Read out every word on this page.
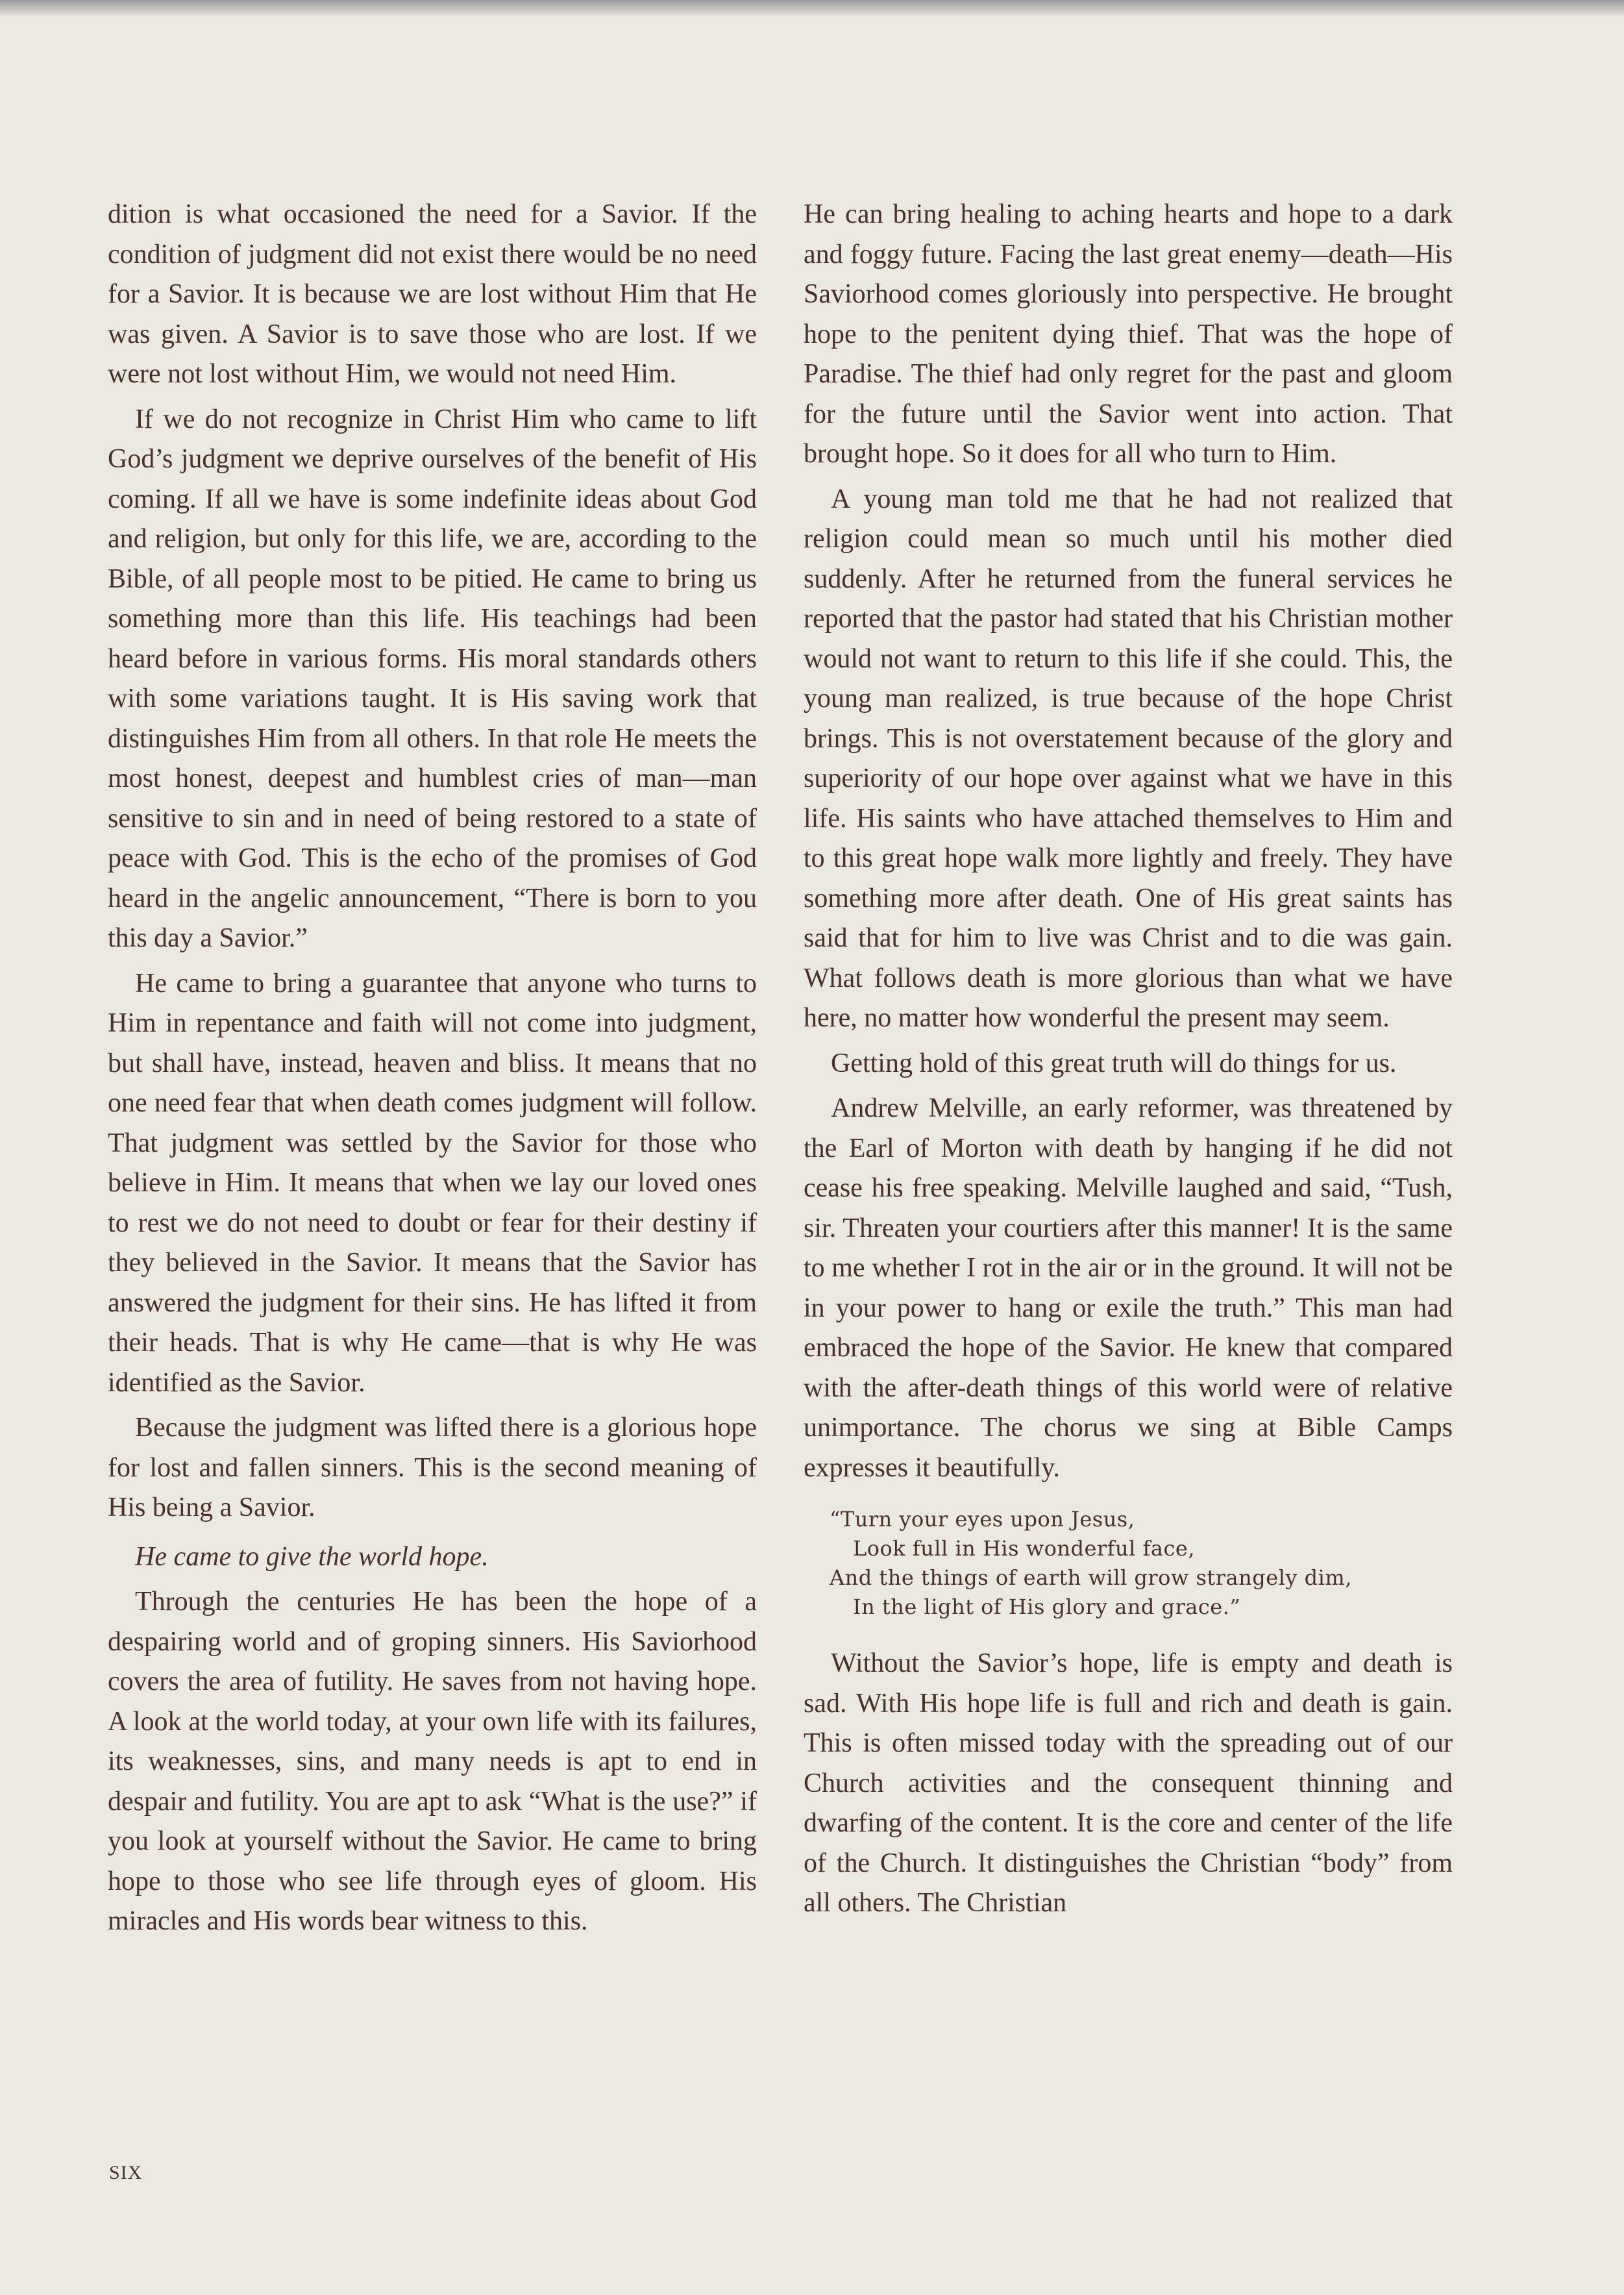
dition is what occasioned the need for a Savior. If the condition of judgment did not exist there would be no need for a Savior. It is because we are lost without Him that He was given. A Savior is to save those who are lost. If we were not lost without Him, we would not need Him.

If we do not recognize in Christ Him who came to lift God’s judgment we deprive ourselves of the benefit of His coming. If all we have is some indefinite ideas about God and religion, but only for this life, we are, according to the Bible, of all people most to be pitied. He came to bring us something more than this life. His teachings had been heard before in various forms. His moral standards others with some variations taught. It is His saving work that distinguishes Him from all others. In that role He meets the most honest, deepest and humblest cries of man—man sensitive to sin and in need of being restored to a state of peace with God. This is the echo of the promises of God heard in the angelic announcement, “There is born to you this day a Savior.”

He came to bring a guarantee that anyone who turns to Him in repentance and faith will not come into judgment, but shall have, instead, heaven and bliss. It means that no one need fear that when death comes judgment will follow. That judgment was settled by the Savior for those who believe in Him. It means that when we lay our loved ones to rest we do not need to doubt or fear for their destiny if they believed in the Savior. It means that the Savior has answered the judgment for their sins. He has lifted it from their heads. That is why He came—that is why He was identified as the Savior.

Because the judgment was lifted there is a glorious hope for lost and fallen sinners. This is the second meaning of His being a Savior.

He came to give the world hope.

Through the centuries He has been the hope of a despairing world and of groping sinners. His Saviorhood covers the area of futility. He saves from not having hope. A look at the world today, at your own life with its failures, its weaknesses, sins, and many needs is apt to end in despair and futility. You are apt to ask “What is the use?” if you look at yourself without the Savior. He came to bring hope to those who see life through eyes of gloom. His miracles and His words bear witness to this.

He can bring healing to aching hearts and hope to a dark and foggy future. Facing the last great enemy—death—His Saviorhood comes gloriously into perspective. He brought hope to the penitent dying thief. That was the hope of Paradise. The thief had only regret for the past and gloom for the future until the Savior went into action. That brought hope. So it does for all who turn to Him.

A young man told me that he had not realized that religion could mean so much until his mother died suddenly. After he returned from the funeral services he reported that the pastor had stated that his Christian mother would not want to return to this life if she could. This, the young man realized, is true because of the hope Christ brings. This is not overstatement because of the glory and superiority of our hope over against what we have in this life. His saints who have attached themselves to Him and to this great hope walk more lightly and freely. They have something more after death. One of His great saints has said that for him to live was Christ and to die was gain. What follows death is more glorious than what we have here, no matter how wonderful the present may seem.

Getting hold of this great truth will do things for us.

Andrew Melville, an early reformer, was threatened by the Earl of Morton with death by hanging if he did not cease his free speaking. Melville laughed and said, “Tush, sir. Threaten your courtiers after this manner! It is the same to me whether I rot in the air or in the ground. It will not be in your power to hang or exile the truth.” This man had embraced the hope of the Savior. He knew that compared with the after-death things of this world were of relative unimportance. The chorus we sing at Bible Camps expresses it beautifully.

“Turn your eyes upon Jesus,
Look full in His wonderful face,
And the things of earth will grow strangely dim,
In the light of His glory and grace.”

Without the Savior’s hope, life is empty and death is sad. With His hope life is full and rich and death is gain. This is often missed today with the spreading out of our Church activities and the consequent thinning and dwarfing of the content. It is the core and center of the life of the Church. It distinguishes the Christian “body” from all others. The Christian

SIX
